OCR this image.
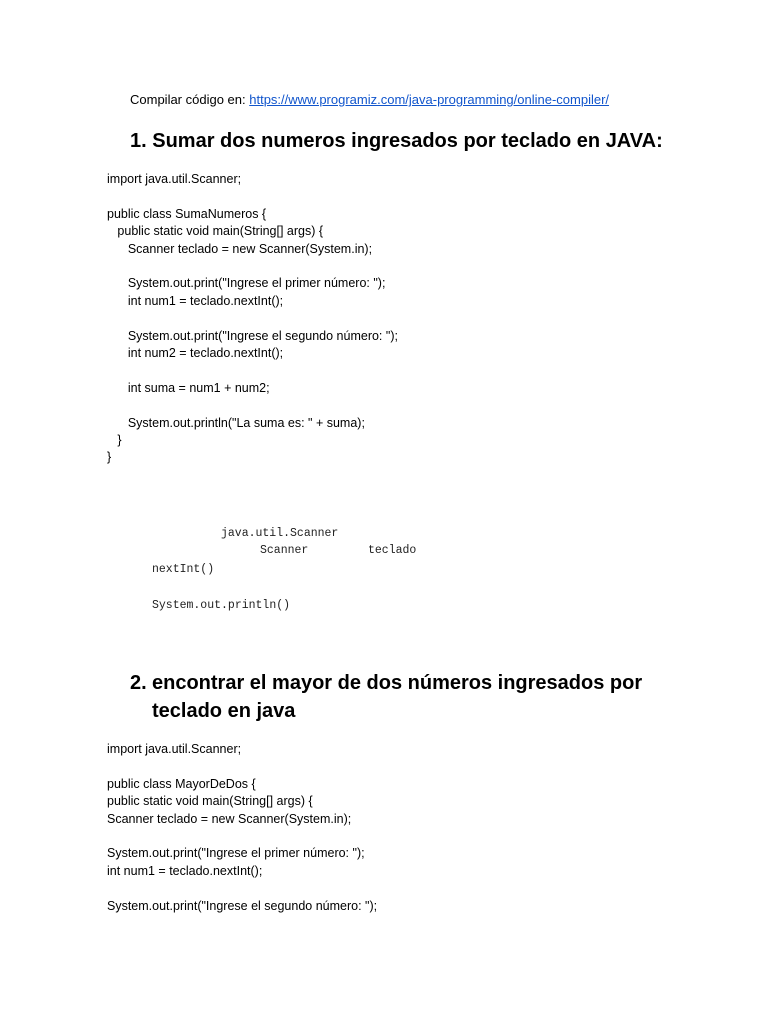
Compilar código en: https://www.programiz.com/java-programming/online-compiler/
1. Sumar dos numeros ingresados por teclado en JAVA:
import java.util.Scanner;
public class SumaNumeros {
public static void main(String[] args) {
Scanner teclado = new Scanner(System.in);
System.out.print("Ingrese el primer número: ");
int num1 = teclado.nextInt();
System.out.print("Ingrese el segundo número: ");
int num2 = teclado.nextInt();
int suma = num1 + num2;
System.out.println("La suma es: " + suma);
}
}
java.util.Scanner
Scanner	teclado
nextInt()
System.out.println()
2. encontrar el mayor de dos números ingresados por
teclado en java
import java.util.Scanner;
public class MayorDeDos {
public static void main(String[] args) {
Scanner teclado = new Scanner(System.in);
System.out.print("Ingrese el primer número: ");
int num1 = teclado.nextInt();
System.out.print("Ingrese el segundo número: ");
